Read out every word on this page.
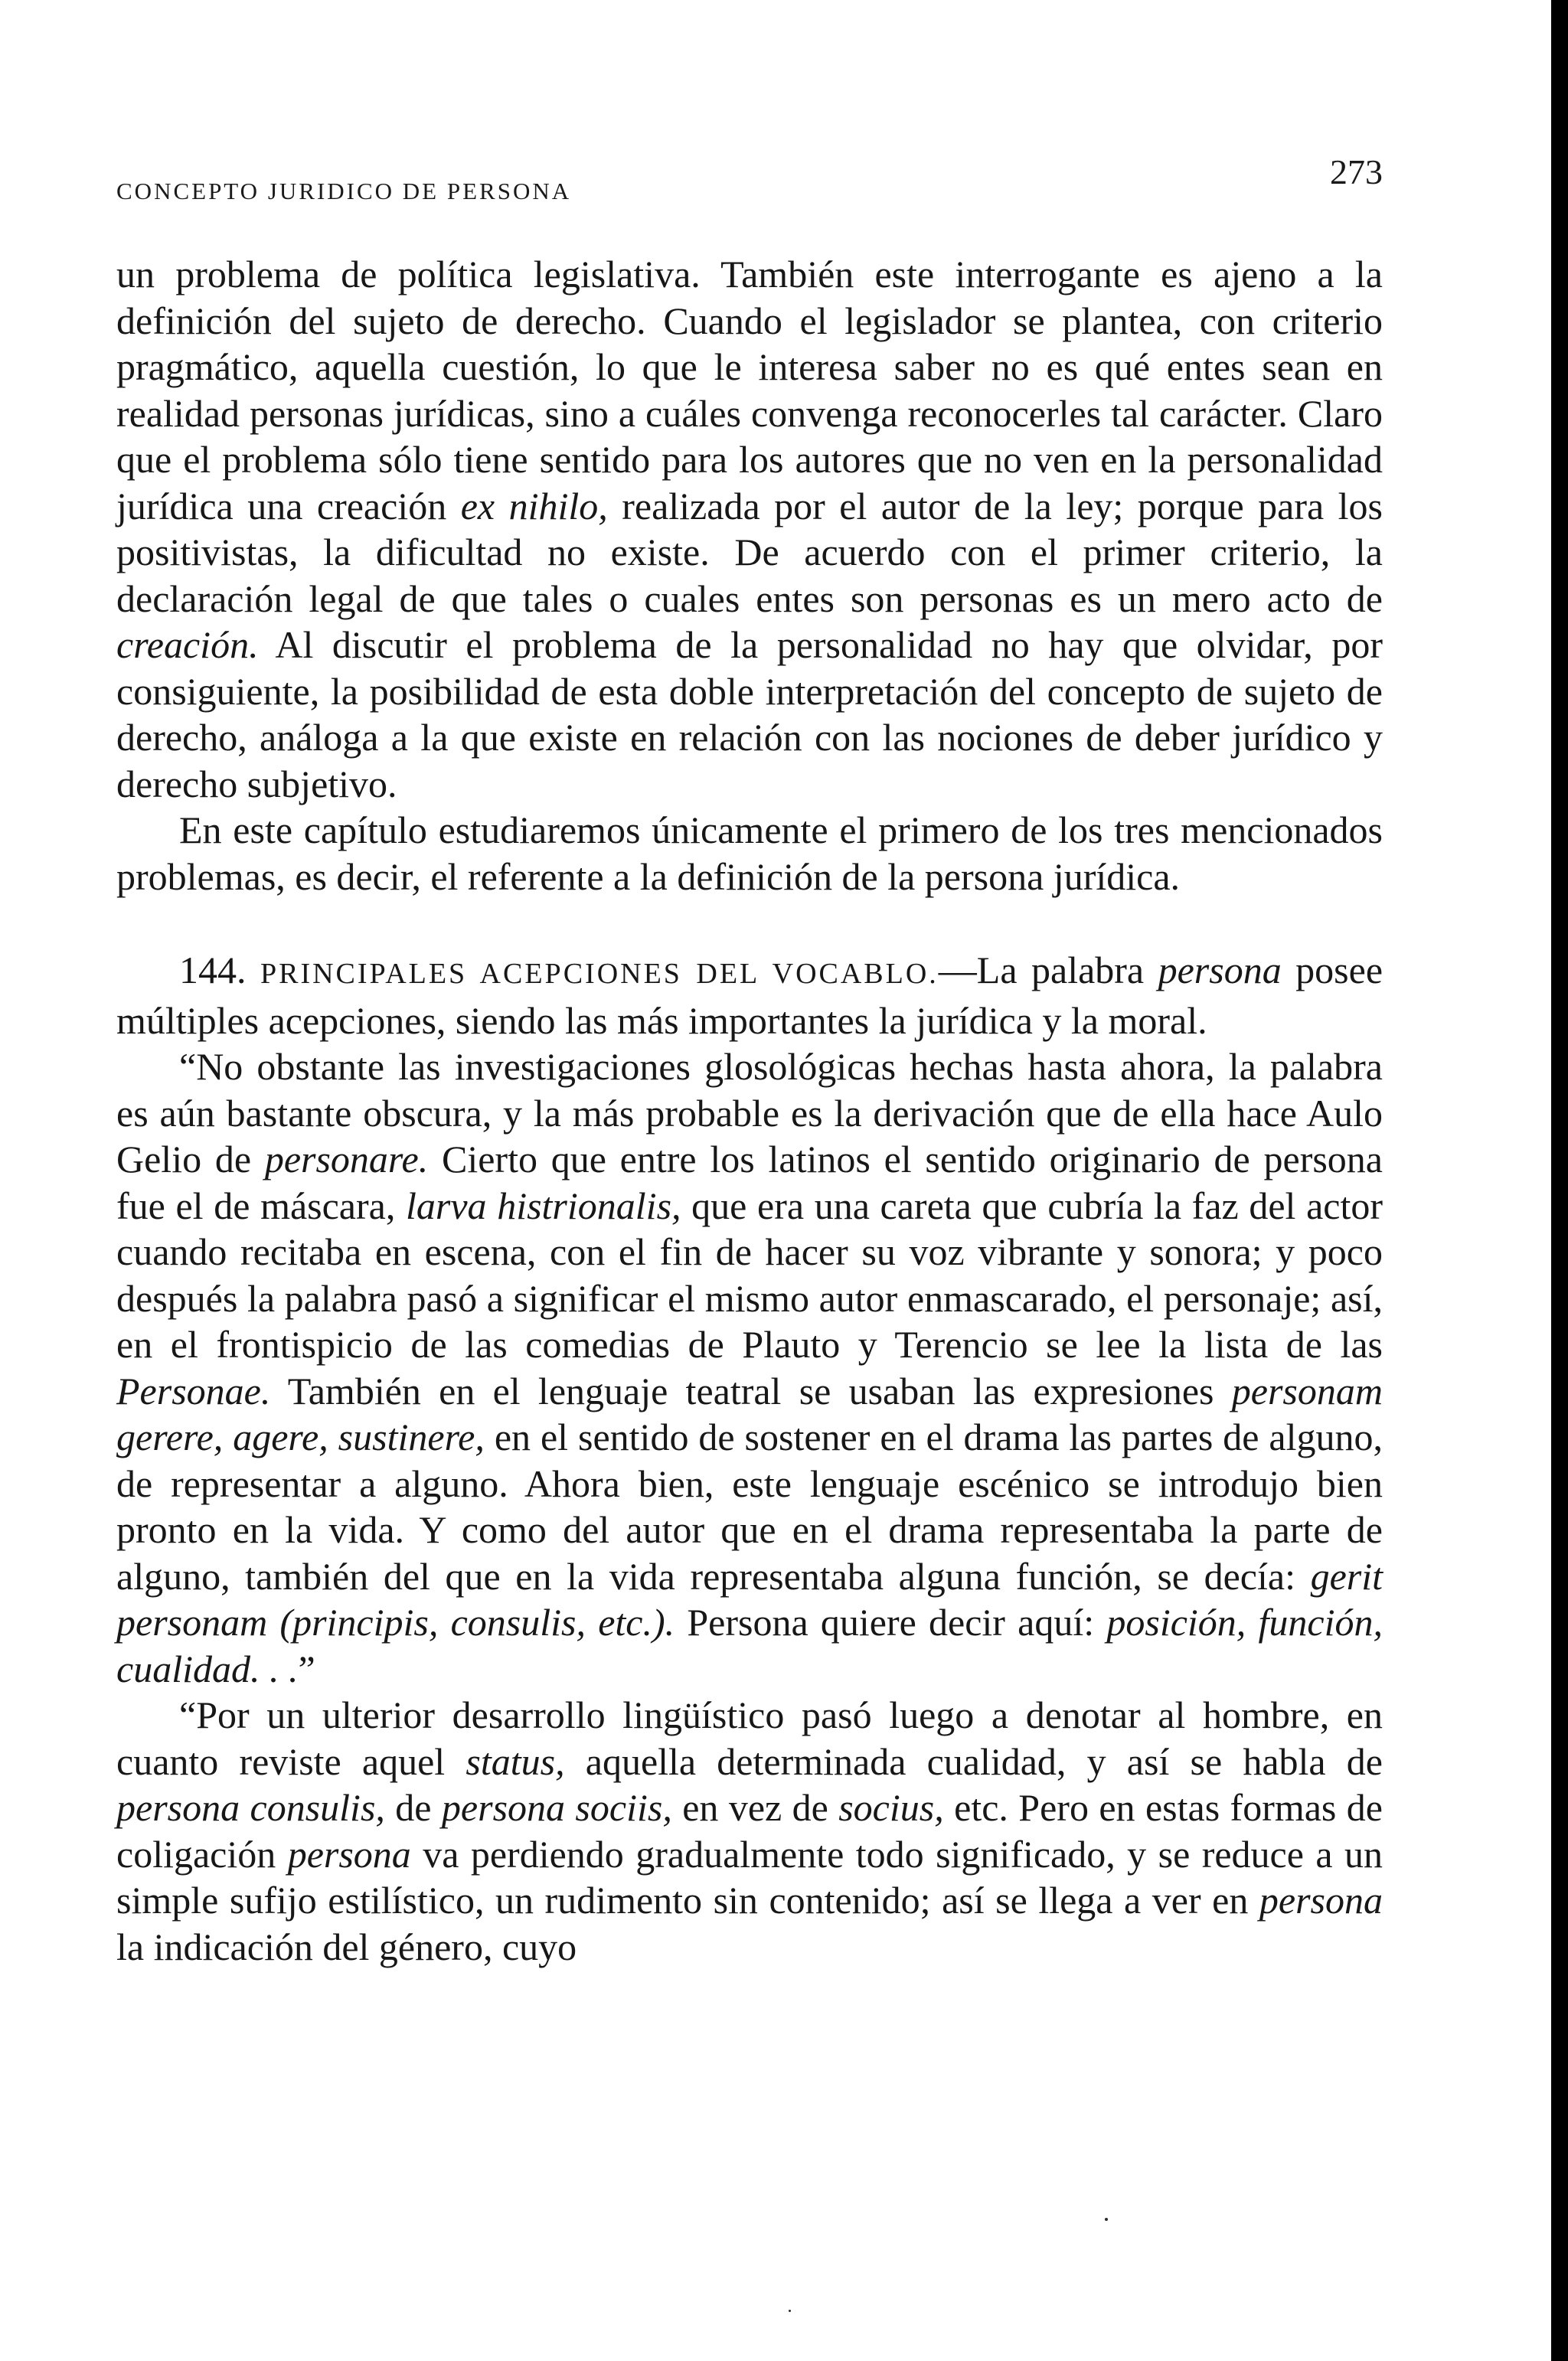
CONCEPTO JURIDICO DE PERSONA	273

un problema de política legislativa. También este interrogante es ajeno a la definición del sujeto de derecho. Cuando el legislador se plantea, con criterio pragmático, aquella cuestión, lo que le interesa saber no es qué entes sean en realidad personas jurídicas, sino a cuáles convenga reconocerles tal carácter. Claro que el problema sólo tiene sentido para los autores que no ven en la personalidad jurídica una creación ex nihilo, realizada por el autor de la ley; porque para los positivistas, la dificultad no existe. De acuerdo con el primer criterio, la declaración legal de que tales o cuales entes son personas es un mero acto de creación. Al discutir el problema de la personalidad no hay que olvidar, por consiguiente, la posibilidad de esta doble interpretación del concepto de sujeto de derecho, análoga a la que existe en relación con las nociones de deber jurídico y derecho subjetivo.

En este capítulo estudiaremos únicamente el primero de los tres mencionados problemas, es decir, el referente a la definición de la persona jurídica.

144. PRINCIPALES ACEPCIONES DEL VOCABLO.—La palabra persona posee múltiples acepciones, siendo las más importantes la jurídica y la moral.

“No obstante las investigaciones glosológicas hechas hasta ahora, la palabra es aún bastante obscura, y la más probable es la derivación que de ella hace Aulo Gelio de personare. Cierto que entre los latinos el sentido originario de persona fue el de máscara, larva histrionalis, que era una careta que cubría la faz del actor cuando recitaba en escena, con el fin de hacer su voz vibrante y sonora; y poco después la palabra pasó a significar el mismo autor enmascarado, el personaje; así, en el frontispicio de las comedias de Plauto y Terencio se lee la lista de las Personae. También en el lenguaje teatral se usaban las expresiones personam gerere, agere, sustinere, en el sentido de sostener en el drama las partes de alguno, de representar a alguno. Ahora bien, este lenguaje escénico se introdujo bien pronto en la vida. Y como del autor que en el drama representaba la parte de alguno, también del que en la vida representaba alguna función, se decía: gerit personam (principis, consulis, etc.). Persona quiere decir aquí: posición, función, cualidad. . .”

“Por un ulterior desarrollo lingüístico pasó luego a denotar al hombre, en cuanto reviste aquel status, aquella determinada cualidad, y así se habla de persona consulis, de persona sociis, en vez de socius, etc. Pero en estas formas de coligación persona va perdiendo gradualmente todo significado, y se reduce a un simple sufijo estilístico, un rudimento sin contenido; así se llega a ver en persona la indicación del género, cuyo
